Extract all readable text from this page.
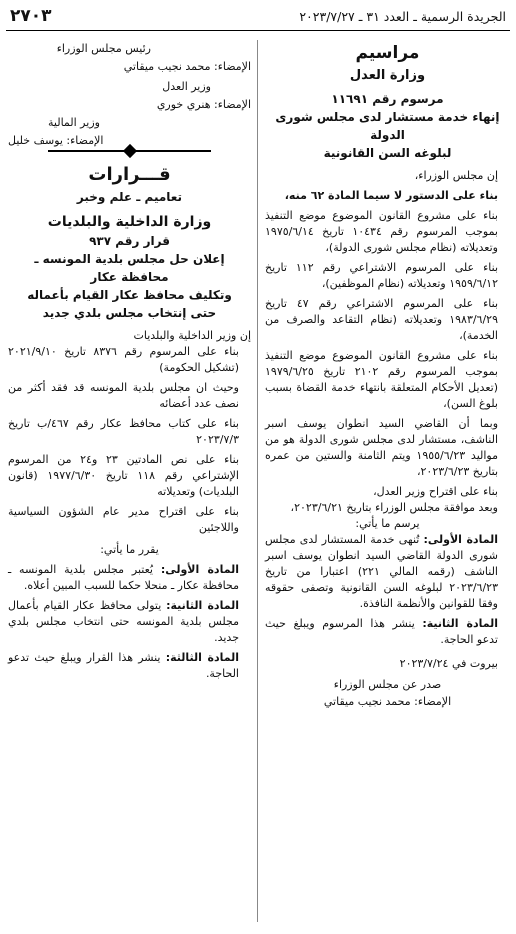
الجريدة الرسمية ـ العدد ٣١ ـ ٢٠٢٣/٧/٢٧
٢٧٠٣
مراسيم
وزارة العدل
مرسوم رقم ١١٦٩١
إنهاء خدمة مستشار لدى مجلس شورى الدولة
لبلوغه السن القانونية

إن مجلس الوزراء،

بناء على الدستور لا سيما المادة ٦٢ منه،

بناء على مشروع القانون الموضوع موضع التنفيذ بموجب المرسوم رقم ١٠٤٣٤ تاريخ ١٩٧٥/٦/١٤ وتعديلاته (نظام مجلس شورى الدولة)،

بناء على المرسوم الاشتراعي رقم ١١٢ تاريخ ١٩٥٩/٦/١٢ وتعديلاته (نظام الموظفين)،

بناء على المرسوم الاشتراعي رقم ٤٧ تاريخ ١٩٨٣/٦/٢٩ وتعديلاته (نظام التقاعد والصرف من الخدمة)،

بناء على مشروع القانون الموضوع موضع التنفيذ بموجب المرسوم رقم ٢١٠٢ تاريخ ١٩٧٩/٦/٢٥ (تعديل الأحكام المتعلقة بانتهاء خدمة القضاة بسبب بلوغ السن)،

وبما أن القاضي السيد انطوان يوسف اسبر الناشف، مستشار لدى مجلس شورى الدولة هو من مواليد ١٩٥٥/٦/٢٣ ويتم الثامنة والستين من عمره بتاريخ ٢٠٢٣/٦/٢٣،

بناء على اقتراح وزير العدل،

وبعد موافقة مجلس الوزراء بتاريخ ٢٠٢٣/٦/٢١،

يرسم ما يأتي:

المادة الأولى: تُنهى خدمة المستشار لدى مجلس شورى الدولة القاضي السيد انطوان يوسف اسبر الناشف (رقمه المالي ٢٢١) اعتبارا من تاريخ ٢٠٢٣/٦/٢٣ لبلوغه السن القانونية وتصفى حقوقه وفقا للقوانين والأنظمة النافذة.

المادة الثانية: ينشر هذا المرسوم ويبلغ حيث تدعو الحاجة.

بيروت في ٢٠٢٣/٧/٢٤

صدر عن مجلس الوزراء

الإمضاء: محمد نجيب ميقاتي

رئيس مجلس الوزراء
الإمضاء: محمد نجيب ميقاتي
وزير العدل
الإمضاء: هنري خوري
وزير المالية
الإمضاء: يوسف خليل
قـــرارات
تعاميم ـ علم وخبر
وزارة الداخلية والبلديات
قرار رقم ٩٣٧
إعلان حل مجلس بلدية المونسه ـ
محافظة عكار
وتكليف محافظ عكار القيام بأعماله
حتى إنتخاب مجلس بلدي جديد

إن وزير الداخلية والبلديات

بناء على المرسوم رقم ٨٣٧٦ تاريخ ٢٠٢١/٩/١٠ (تشكيل الحكومة)

وحيث ان مجلس بلدية المونسه قد فقد أكثر من نصف عدد أعضائه

بناء على كتاب محافظ عكار رقم ٤٦٧/ب تاريخ ٢٠٢٣/٧/٣

بناء على نص المادتين ٢٣ و٢٤ من المرسوم الإشتراعي رقم ١١٨ تاريخ ١٩٧٧/٦/٣٠ (قانون البلديات) وتعديلاته

بناء على اقتراح مدير عام الشؤون السياسية واللاجئين

يقرر ما يأتي:

المادة الأولى: يُعتبر مجلس بلدية المونسه ـ محافظة عكار ـ منحلا حكما للسبب المبين أعلاه.

المادة الثانية: يتولى محافظ عكار القيام بأعمال مجلس بلدية المونسه حتى انتخاب مجلس بلدي جديد.

المادة الثالثة: ينشر هذا القرار ويبلغ حيث تدعو الحاجة.
